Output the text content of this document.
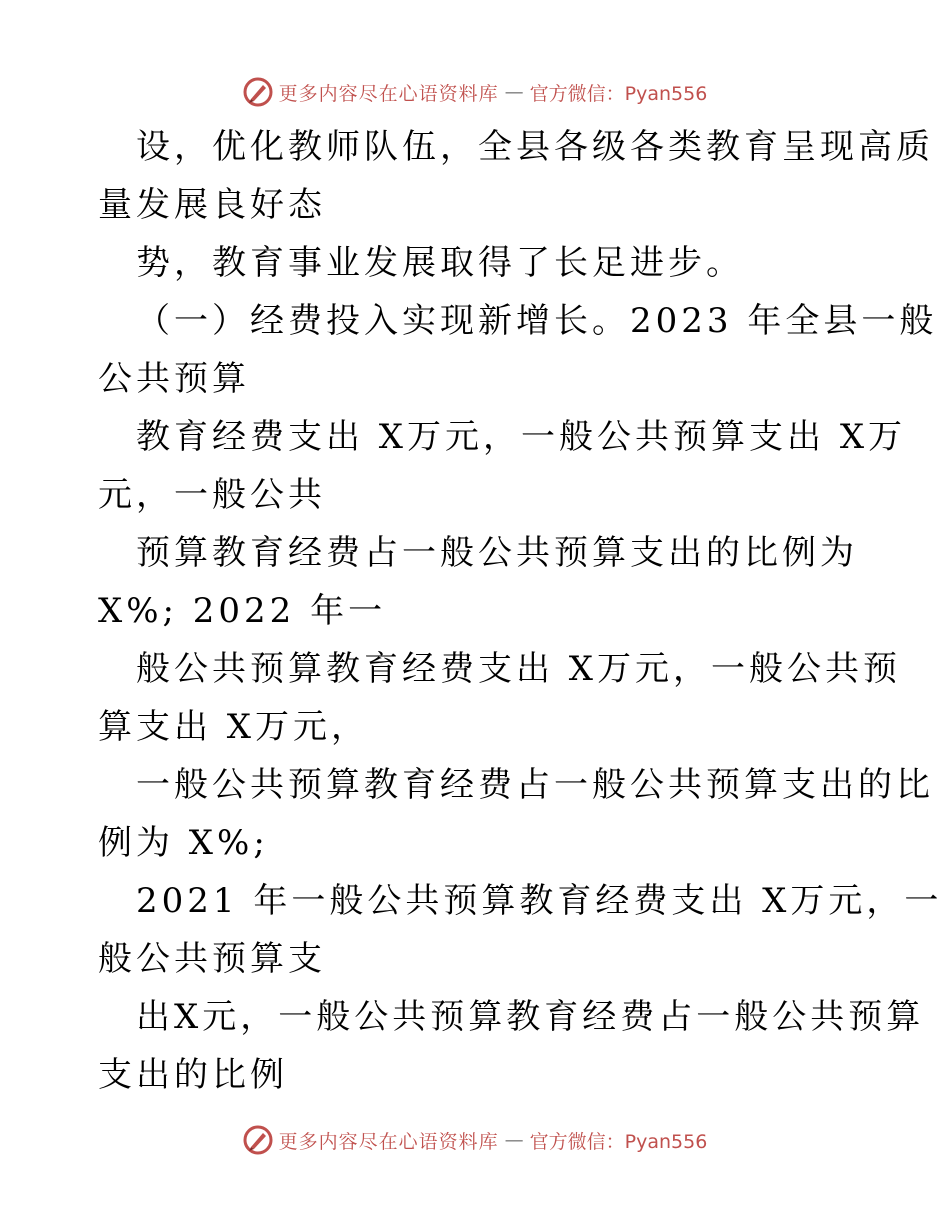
更多内容尽在心语资料库 — 官方微信：Pyan556
设，优化教师队伍，全县各级各类教育呈现高质
量发展良好态
势，教育事业发展取得了长足进步。
（一）经费投入实现新增长。2023 年全县一般
公共预算
教育经费支出 X万元，一般公共预算支出 X万
元，一般公共
预算教育经费占一般公共预算支出的比例为
X%; 2022 年一
般公共预算教育经费支出 X万元，一般公共预
算支出 X万元，
一般公共预算教育经费占一般公共预算支出的比
例为 X%;
2021 年一般公共预算教育经费支出 X万元，一
般公共预算支
出X元，一般公共预算教育经费占一般公共预算
支出的比例
更多内容尽在心语资料库 — 官方微信：Pyan556
